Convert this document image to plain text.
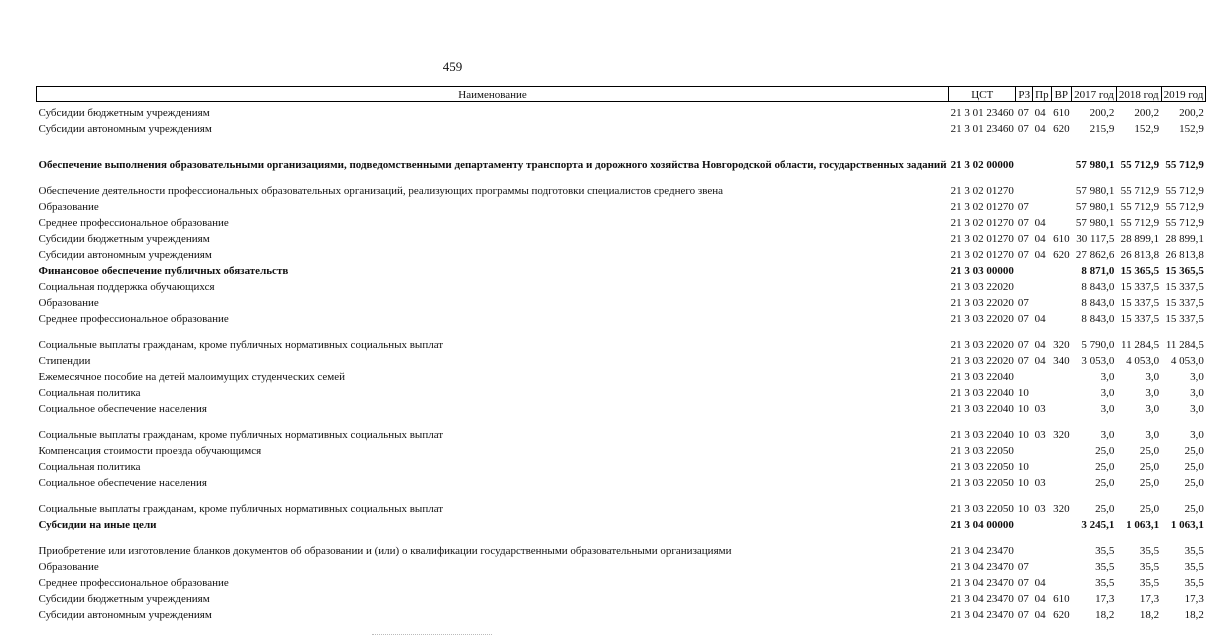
459
Наименование	ЦСТ	РЗ	Пр	ВР	2017 год	2018 год	2019 год
Субсидии бюджетным учреждениям	21 3 01 23460	07	04	610	200,2	200,2	200,2
Субсидии автономным учреждениям	21 3 01 23460	07	04	620	215,9	152,9	152,9
Обеспечение выполнения образовательными организациями, подведомственными департаменту транспорта и дорожного хозяйства Новгородской области, государственных заданий	21 3 02 00000				57 980,1	55 712,9	55 712,9
Обеспечение деятельности профессиональных образовательных организаций, реализующих программы подготовки специалистов среднего звена	21 3 02 01270				57 980,1	55 712,9	55 712,9
Образование	21 3 02 01270	07			57 980,1	55 712,9	55 712,9
Среднее профессиональное образование	21 3 02 01270	07	04		57 980,1	55 712,9	55 712,9
Субсидии бюджетным учреждениям	21 3 02 01270	07	04	610	30 117,5	28 899,1	28 899,1
Субсидии автономным учреждениям	21 3 02 01270	07	04	620	27 862,6	26 813,8	26 813,8
Финансовое обеспечение публичных обязательств	21 3 03 00000				8 871,0	15 365,5	15 365,5
Социальная поддержка обучающихся	21 3 03 22020				8 843,0	15 337,5	15 337,5
Образование	21 3 03 22020	07			8 843,0	15 337,5	15 337,5
Среднее профессиональное образование	21 3 03 22020	07	04		8 843,0	15 337,5	15 337,5
Социальные выплаты гражданам, кроме публичных нормативных социальных выплат	21 3 03 22020	07	04	320	5 790,0	11 284,5	11 284,5
Стипендии	21 3 03 22020	07	04	340	3 053,0	4 053,0	4 053,0
Ежемесячное пособие на детей малоимущих студенческих семей	21 3 03 22040				3,0	3,0	3,0
Социальная политика	21 3 03 22040	10			3,0	3,0	3,0
Социальное обеспечение населения	21 3 03 22040	10	03		3,0	3,0	3,0
Социальные выплаты гражданам, кроме публичных нормативных социальных выплат	21 3 03 22040	10	03	320	3,0	3,0	3,0
Компенсация стоимости проезда обучающимся	21 3 03 22050				25,0	25,0	25,0
Социальная политика	21 3 03 22050	10			25,0	25,0	25,0
Социальное обеспечение населения	21 3 03 22050	10	03		25,0	25,0	25,0
Социальные выплаты гражданам, кроме публичных нормативных социальных выплат	21 3 03 22050	10	03	320	25,0	25,0	25,0
Субсидии на иные цели	21 3 04 00000				3 245,1	1 063,1	1 063,1
Приобретение или изготовление бланков документов об образовании и (или) о квалификации государственными образовательными организациями	21 3 04 23470				35,5	35,5	35,5
Образование	21 3 04 23470	07			35,5	35,5	35,5
Среднее профессиональное образование	21 3 04 23470	07	04		35,5	35,5	35,5
Субсидии бюджетным учреждениям	21 3 04 23470	07	04	610	17,3	17,3	17,3
Субсидии автономным учреждениям	21 3 04 23470	07	04	620	18,2	18,2	18,2
